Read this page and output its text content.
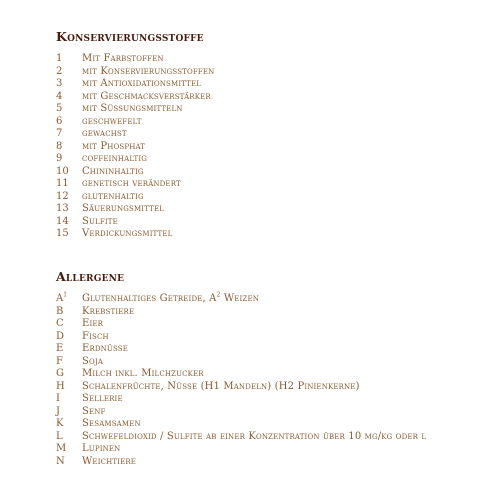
Konservierungsstoffe
1	Mit Farbstoffen
2	mit Konservierungsstoffen
3	mit Antioxidationsmittel
4	mit Geschmacksverstärker
5	mit Süssungsmitteln
6	geschwefelt
7	gewachst
8	mit Phosphat
9	coffeinhaltig
10	Chininhaltig
11	genetisch verändert
12	glutenhaltig
13	Säuerungsmittel
14	Sulfite
15	Verdickungsmittel
Allergene
$A^1$	Glutenhaltiges Getreide, $A^2$ Weizen
B	Krebstiere
C	Eier
D	Fisch
E	Erdnüsse
F	Soja
G	Milch inkl. Milchzucker
H	Schalenfrüchte, Nüsse (H1 Mandeln) (H2 Pinienkerne)
I	Sellerie
J	Senf
K	Sesamsamen
L	Schwefeldioxid / Sulfite ab einer Konzentration über 10 mg/kg oder l
M	Lupinen
N	Weichtiere
